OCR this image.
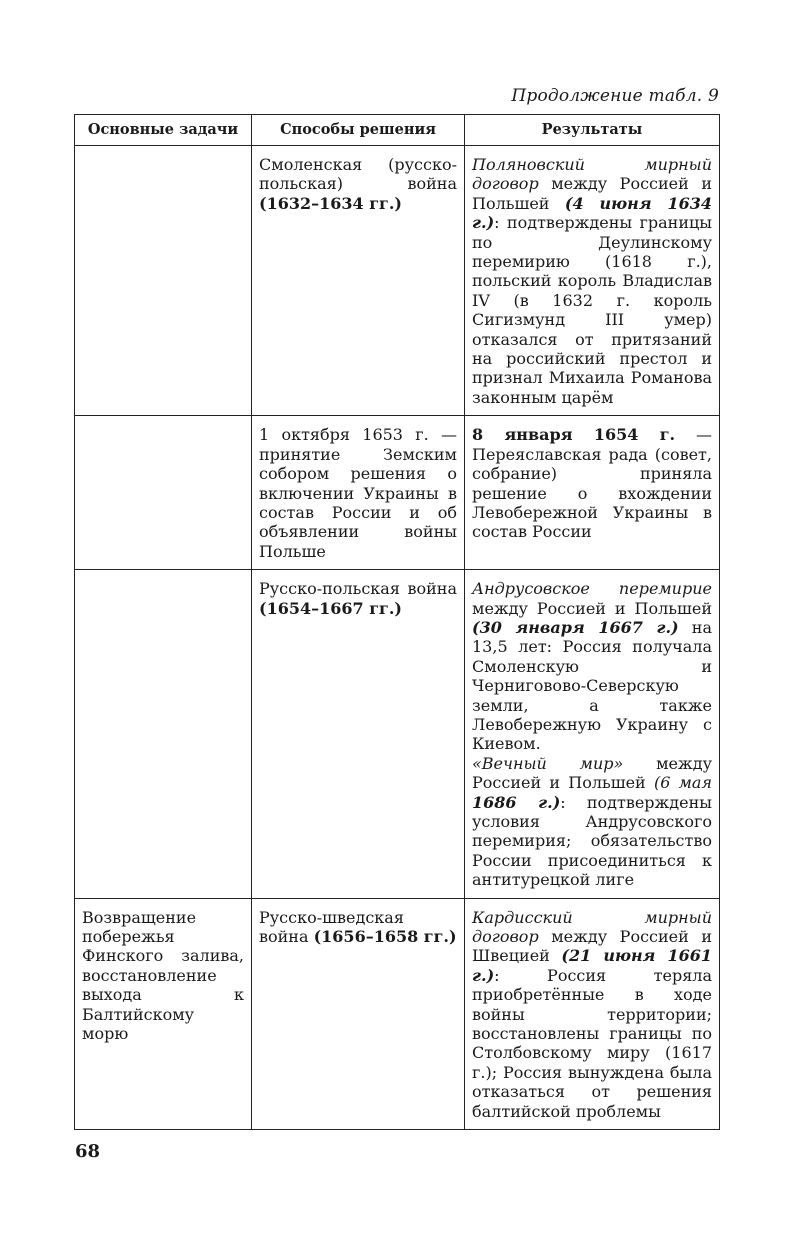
Продолжение табл. 9
Основные задачи	Способы решения	Результаты
	Смоленская (русско-польская) война (1632–1634 гг.)	Поляновский мирный договор между Россией и Польшей (4 июня 1634 г.): подтверждены границы по Деулинскому перемирию (1618 г.), польский король Владислав IV (в 1632 г. король Сигизмунд III умер) отказался от притязаний на российский престол и признал Михаила Романова законным царём
	1 октября 1653 г. — принятие Земским собором решения о включении Украины в состав России и об объявлении войны Польше	8 января 1654 г. — Переяславская рада (совет, собрание) приняла решение о вхождении Левобережной Украины в состав России
	Русско-польская война (1654–1667 гг.)	Андрусовское перемирие между Россией и Польшей (30 января 1667 г.) на 13,5 лет: Россия получала Смоленскую и Черниговово-Северскую земли, а также Левобережную Украину с Киевом.
«Вечный мир» между Россией и Польшей (6 мая 1686 г.): подтверждены условия Андрусовского перемирия; обязательство России присоединиться к антитурецкой лиге

Возвращение побережья Финского залива, восстановление выхода к Балтийскому морю	Русско-шведская война (1656–1658 гг.)	Кардисский мирный договор между Россией и Швецией (21 июня 1661 г.): Россия теряла приобретённые в ходе войны территории; восстановлены границы по Столбовскому миру (1617 г.); Россия вынуждена была отказаться от решения балтийской проблемы
68
